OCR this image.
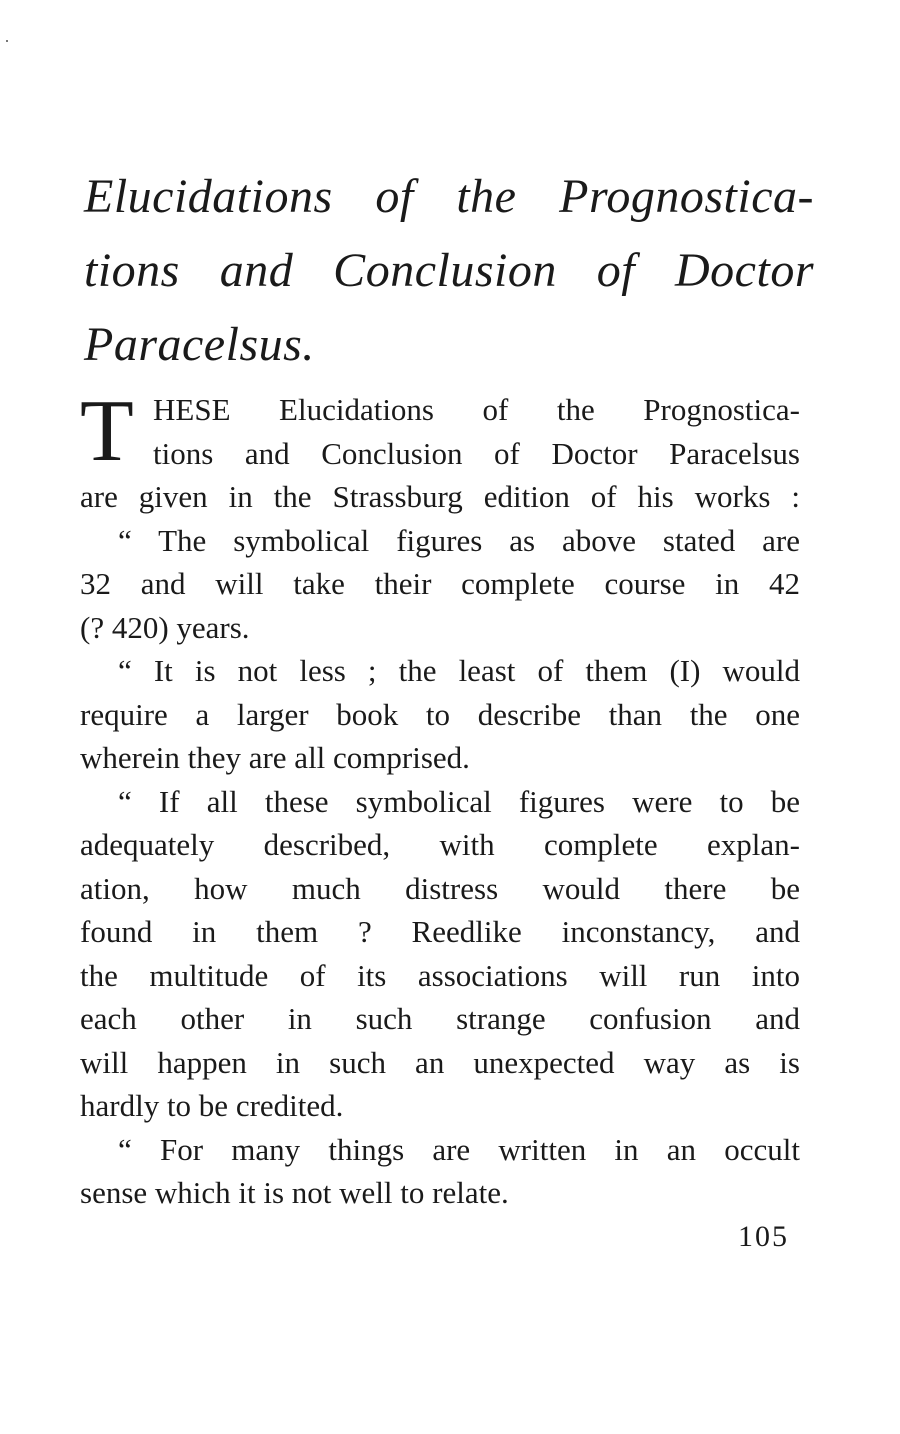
Elucidations of the Prognostica-
tions and Conclusion of Doctor
Paracelsus.
T HESE Elucidations of the Prognostica-
tions and Conclusion of Doctor Paracelsus
are given in the Strassburg edition of his works :
“ The symbolical figures as above stated are
32 and will take their complete course in 42
(? 420) years.
“ It is not less ; the least of them (I) would
require a larger book to describe than the one
wherein they are all comprised.
“ If all these symbolical figures were to be
adequately described, with complete explan-
ation, how much distress would there be
found in them ? Reedlike inconstancy, and
the multitude of its associations will run into
each other in such strange confusion and
will happen in such an unexpected way as is
hardly to be credited.
“ For many things are written in an occult
sense which it is not well to relate.
105
